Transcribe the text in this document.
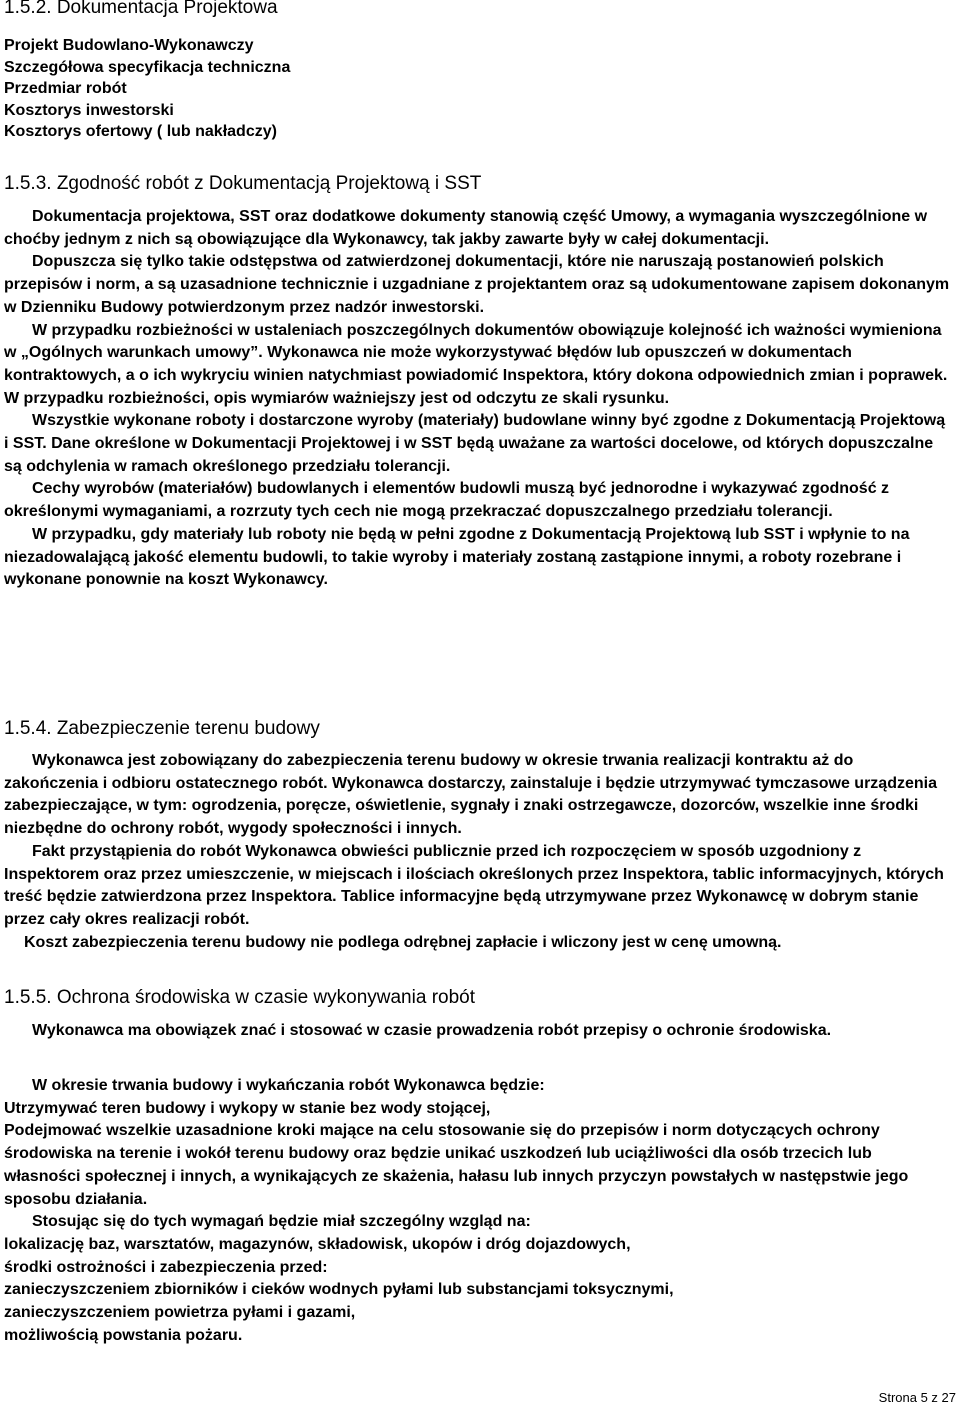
1.5.2. Dokumentacja Projektowa
Projekt Budowlano-Wykonawczy
Szczegółowa specyfikacja techniczna
Przedmiar robót
Kosztorys inwestorski
Kosztorys ofertowy ( lub nakładczy)
1.5.3. Zgodność robót z Dokumentacją Projektową i SST

Dokumentacja projektowa, SST oraz dodatkowe dokumenty stanowią część Umowy, a wymagania wyszczególnione w choćby jednym z nich są obowiązujące dla Wykonawcy, tak jakby zawarte były w całej dokumentacji.

Dopuszcza się tylko takie odstępstwa od zatwierdzonej dokumentacji, które nie naruszają postanowień polskich przepisów i norm, a są uzasadnione technicznie i uzgadniane z projektantem oraz są udokumentowane zapisem dokonanym w Dzienniku Budowy potwierdzonym przez nadzór inwestorski.

W przypadku rozbieżności w ustaleniach poszczególnych dokumentów obowiązuje kolejność ich ważności wymieniona w „Ogólnych warunkach umowy”. Wykonawca nie może wykorzystywać błędów lub opuszczeń w dokumentach kontraktowych, a o ich wykryciu winien natychmiast powiadomić Inspektora, który dokona odpowiednich zmian i poprawek. W przypadku rozbieżności, opis wymiarów ważniejszy jest od odczytu ze skali rysunku.

Wszystkie wykonane roboty i dostarczone wyroby (materiały) budowlane winny być zgodne z Dokumentacją Projektową i SST. Dane określone w Dokumentacji Projektowej i w SST będą uważane za wartości docelowe, od których dopuszczalne są odchylenia w ramach określonego przedziału tolerancji.

Cechy wyrobów (materiałów) budowlanych i elementów budowli muszą być jednorodne i wykazywać zgodność z określonymi wymaganiami, a rozrzuty tych cech nie mogą przekraczać dopuszczalnego przedziału tolerancji.

W przypadku, gdy materiały lub roboty nie będą w pełni zgodne z Dokumentacją Projektową lub SST i wpłynie to na niezadowalającą jakość elementu budowli, to takie wyroby i materiały zostaną zastąpione innymi, a roboty rozebrane i wykonane ponownie na koszt Wykonawcy.

1.5.4. Zabezpieczenie terenu budowy

Wykonawca jest zobowiązany do zabezpieczenia terenu budowy w okresie trwania realizacji kontraktu aż do zakończenia i odbioru ostatecznego robót. Wykonawca dostarczy, zainstaluje i będzie utrzymywać tymczasowe urządzenia zabezpieczające, w tym: ogrodzenia, poręcze, oświetlenie, sygnały i znaki ostrzegawcze, dozorców, wszelkie inne środki niezbędne do ochrony robót, wygody społeczności i innych.

Fakt przystąpienia do robót Wykonawca obwieści publicznie przed ich rozpoczęciem w sposób uzgodniony z Inspektorem oraz przez umieszczenie, w miejscach i ilościach określonych przez Inspektora, tablic informacyjnych, których treść będzie zatwierdzona przez Inspektora. Tablice informacyjne będą utrzymywane przez Wykonawcę w dobrym stanie przez cały okres realizacji robót.

Koszt zabezpieczenia terenu budowy nie podlega odrębnej zapłacie i wliczony jest w cenę umowną.

1.5.5. Ochrona środowiska w czasie wykonywania robót

Wykonawca ma obowiązek znać i stosować w czasie prowadzenia robót przepisy o ochronie środowiska.

W okresie trwania budowy i wykańczania robót Wykonawca będzie:

Utrzymywać teren budowy i wykopy w stanie bez wody stojącej,

Podejmować wszelkie uzasadnione kroki mające na celu stosowanie się do przepisów i norm dotyczących ochrony środowiska na terenie i wokół terenu budowy oraz będzie unikać uszkodzeń lub uciążliwości dla osób trzecich lub własności społecznej i innych, a wynikających ze skażenia, hałasu lub innych przyczyn powstałych w następstwie jego sposobu działania.

Stosując się do tych wymagań będzie miał szczególny wzgląd na:

lokalizację baz, warsztatów, magazynów, składowisk, ukopów i dróg dojazdowych,

środki ostrożności i zabezpieczenia przed:

zanieczyszczeniem zbiorników i cieków wodnych pyłami lub substancjami toksycznymi,

zanieczyszczeniem powietrza pyłami i gazami,

możliwością powstania pożaru.

Strona 5 z 27
